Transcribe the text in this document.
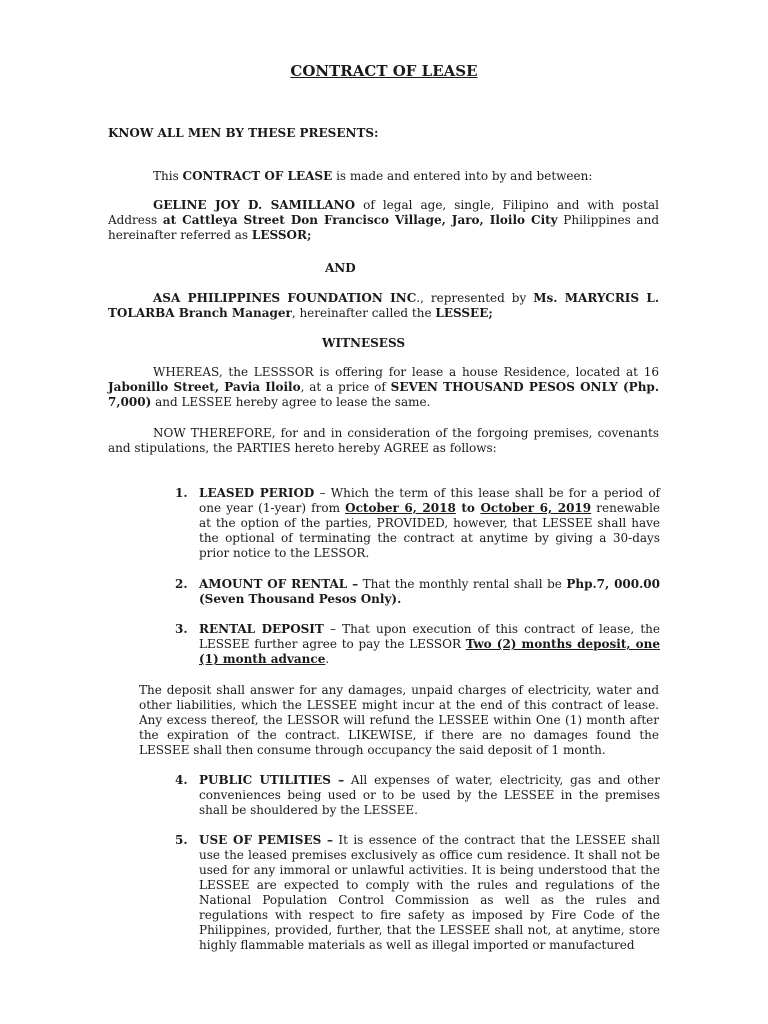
CONTRACT OF LEASE
KNOW ALL MEN BY THESE PRESENTS:
This CONTRACT OF LEASE is made and entered into by and between:
GELINE JOY D. SAMILLANO of legal age, single, Filipino and with postal Address at Cattleya Street Don Francisco Village, Jaro, Iloilo City Philippines and hereinafter referred as LESSOR;
AND
ASA PHILIPPINES FOUNDATION INC., represented by Ms. MARYCRIS L. TOLARBA Branch Manager, hereinafter called the LESSEE;
WITNESESS
WHEREAS, the LESSSOR is offering for lease a house Residence, located at 16 Jabonillo Street, Pavia Iloilo, at a price of SEVEN THOUSAND PESOS ONLY (Php. 7,000) and LESSEE hereby agree to lease the same.
NOW THEREFORE, for and in consideration of the forgoing premises, covenants and stipulations, the PARTIES hereto hereby AGREE as follows:
1. LEASED PERIOD – Which the term of this lease shall be for a period of one year (1-year) from October 6, 2018 to October 6, 2019 renewable at the option of the parties, PROVIDED, however, that LESSEE shall have the optional of terminating the contract at anytime by giving a 30-days prior notice to the LESSOR.
2. AMOUNT OF RENTAL – That the monthly rental shall be Php.7, 000.00 (Seven Thousand Pesos Only).
3. RENTAL DEPOSIT – That upon execution of this contract of lease, the LESSEE further agree to pay the LESSOR Two (2) months deposit, one (1) month advance.
The deposit shall answer for any damages, unpaid charges of electricity, water and other liabilities, which the LESSEE might incur at the end of this contract of lease. Any excess thereof, the LESSOR will refund the LESSEE within One (1) month after the expiration of the contract. LIKEWISE, if there are no damages found the LESSEE shall then consume through occupancy the said deposit of 1 month.
4. PUBLIC UTILITIES – All expenses of water, electricity, gas and other conveniences being used or to be used by the LESSEE in the premises shall be shouldered by the LESSEE.
5. USE OF PEMISES – It is essence of the contract that the LESSEE shall use the leased premises exclusively as office cum residence. It shall not be used for any immoral or unlawful activities. It is being understood that the LESSEE are expected to comply with the rules and regulations of the National Population Control Commission as well as the rules and regulations with respect to fire safety as imposed by Fire Code of the Philippines, provided, further, that the LESSEE shall not, at anytime, store highly flammable materials as well as illegal imported or manufactured
